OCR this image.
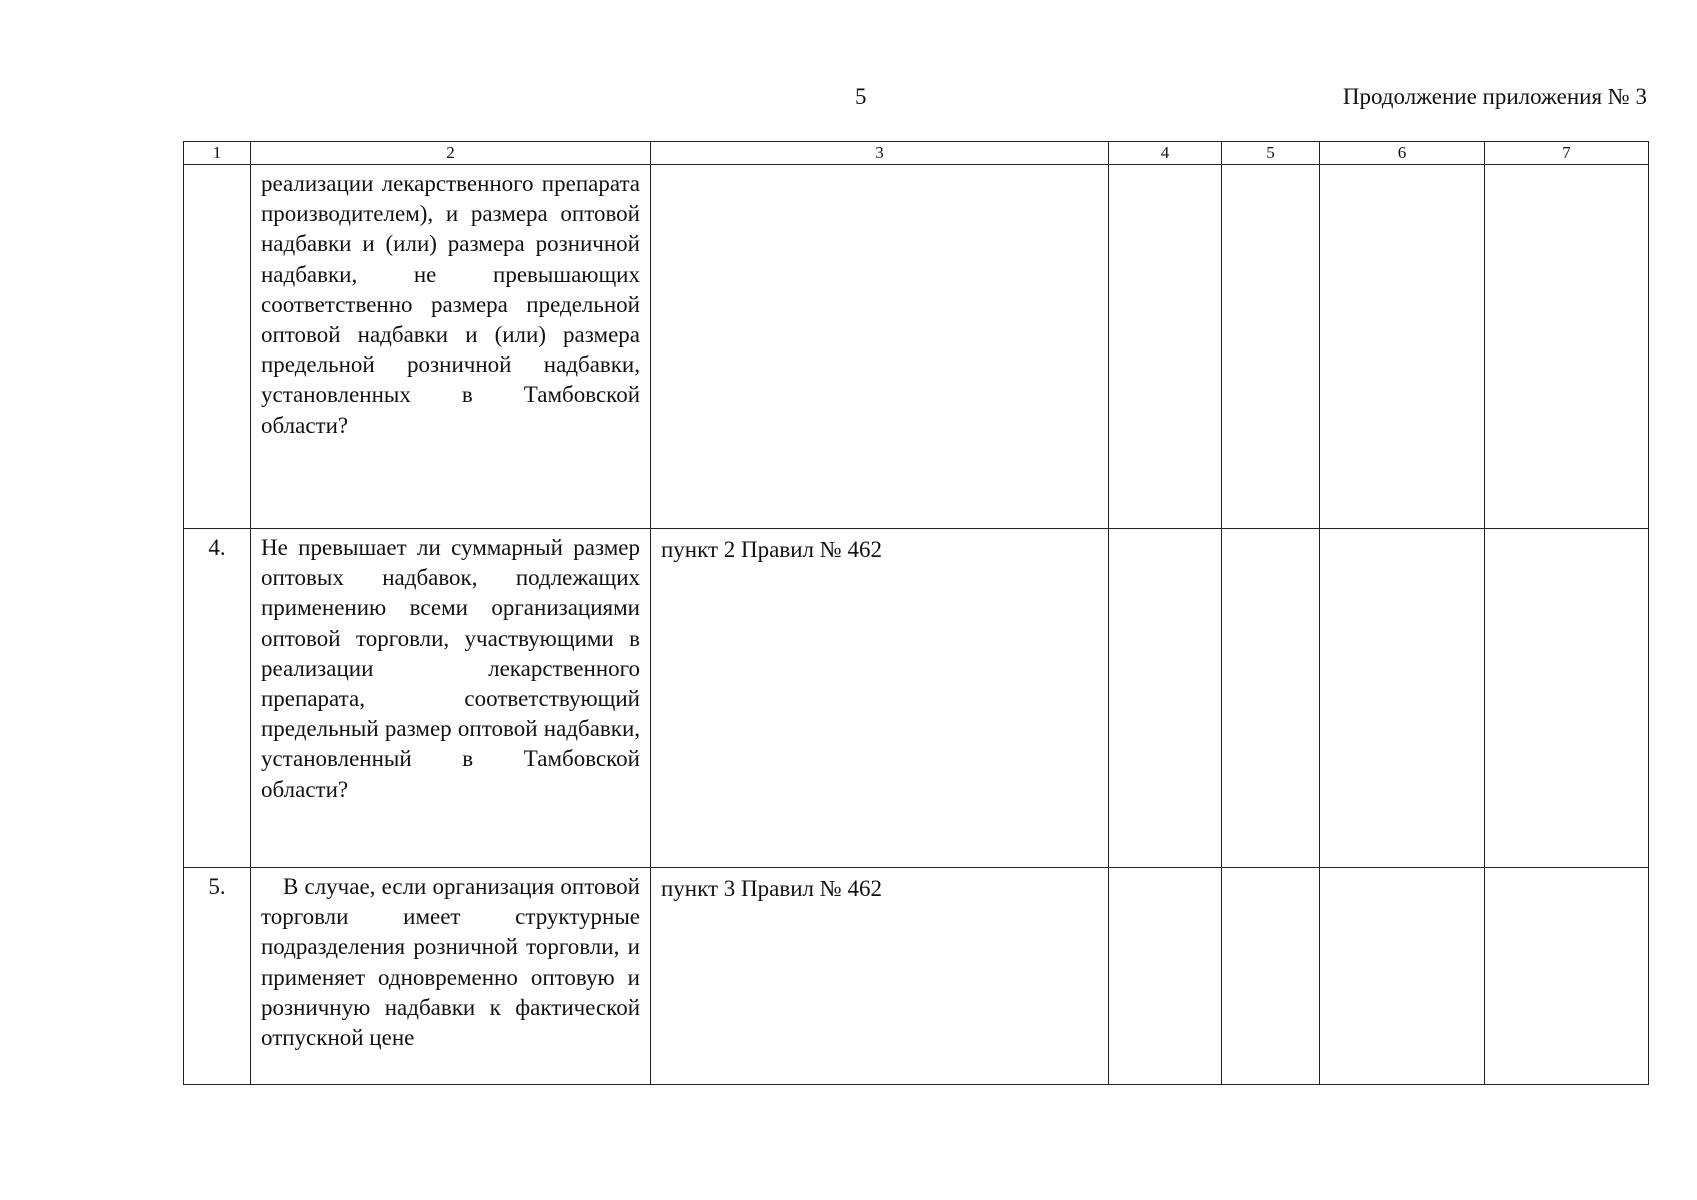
5	Продолжение приложения № 3
1	2	3	4	5	6	7

	реализации лекарственного препарата производителем), и размера оптовой надбавки и (или) размера розничной надбавки, не превышающих соответственно размера предельной оптовой надбавки и (или) размера предельной розничной надбавки, установленных в Тамбовской области?					

4.	Не превышает ли суммарный размер оптовых надбавок, подлежащих применению всеми организациями оптовой торговли, участвующими в реализации лекарственного препарата, соответствующий предельный размер оптовой надбавки, установленный в Тамбовской области?	пункт 2 Правил № 462				
5.	В случае, если организация оптовой торговли имеет структурные подразделения розничной торговли, и применяет одновременно оптовую и розничную надбавки к фактической отпускной цене	пункт 3 Правил № 462				
